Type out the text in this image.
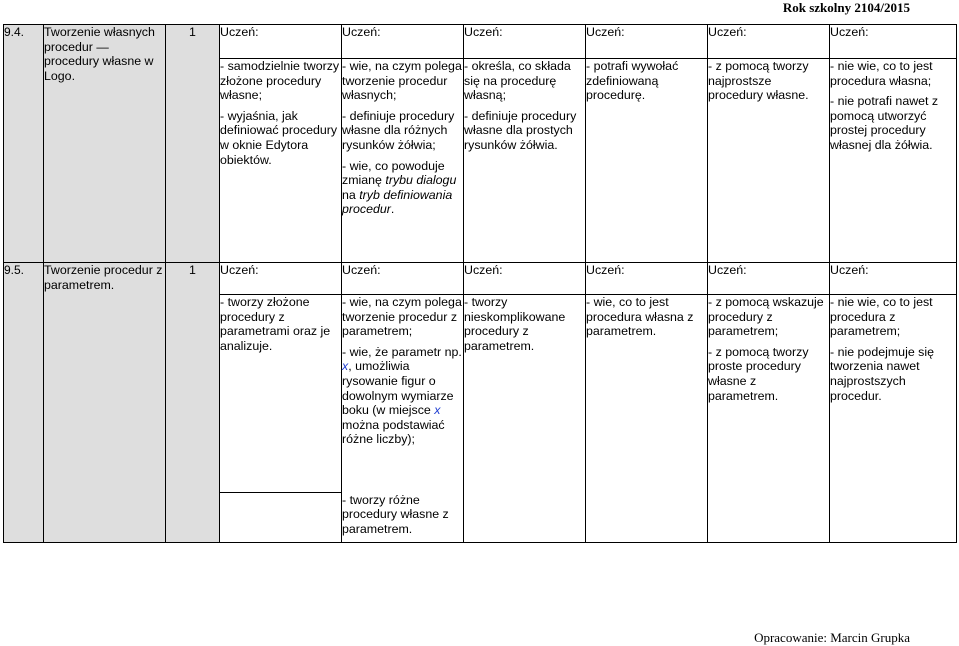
Rok szkolny 2104/2015
9.4.	Tworzenie własnych procedur — procedury własne w Logo.	1	Uczeń:	Uczeń:	Uczeń:	Uczeń:	Uczeń:	Uczeń:

			- samodzielnie tworzy złożone procedury własne;
- wyjaśnia, jak definiować procedury w oknie Edytora obiektów.	- wie, na czym polega tworzenie procedur własnych;
- definiuje procedury własne dla różnych rysunków żółwia;
- wie, co powoduje zmianę trybu dialogu na tryb definiowania procedur.	- określa, co składa się na procedurę własną;
- definiuje procedury własne dla prostych rysunków żółwia.	- potrafi wywołać zdefiniowaną procedurę.	- z pomocą tworzy najprostsze procedury własne.	- nie wie, co to jest procedura własna;
- nie potrafi nawet z pomocą utworzyć prostej procedury własnej dla żółwia.

9.5.	Tworzenie procedur z parametrem.	1	Uczeń:	Uczeń:	Uczeń:	Uczeń:	Uczeń:	Uczeń:

			- tworzy złożone procedury z parametrami oraz je analizuje.	- wie, na czym polega tworzenie procedur z parametrem;
- wie, że parametr np. x, umożliwia rysowanie figur o dowolnym wymiarze boku (w miejsce x można podstawiać różne liczby);	- tworzy nieskomplikowane procedury z parametrem.	- wie, co to jest procedura własna z parametrem.	- z pomocą wskazuje procedury z parametrem;
- z pomocą tworzy proste procedury własne z parametrem.	- nie wie, co to jest procedura z parametrem;
- nie podejmuje się tworzenia nawet najprostszych procedur.

				- tworzy różne procedury własne z parametrem.				
Opracowanie: Marcin Grupka
